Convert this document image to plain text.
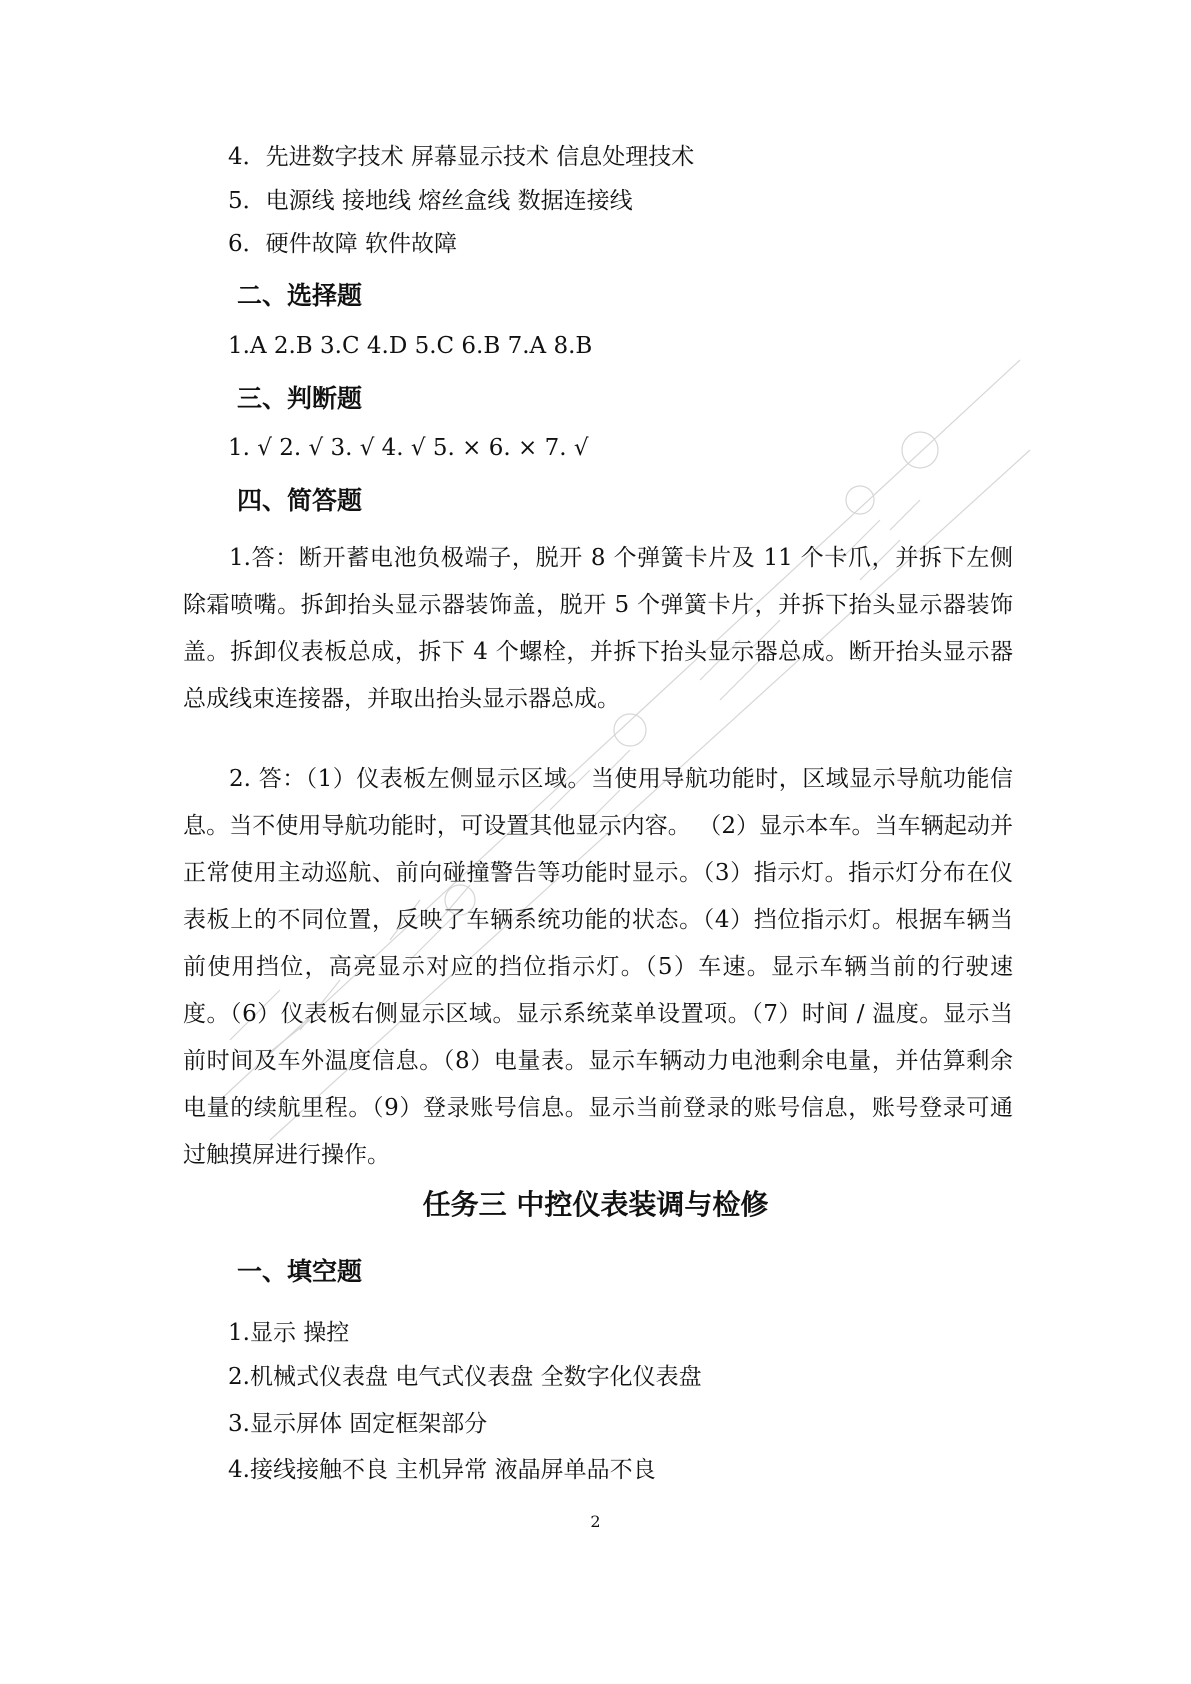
4．先进数字技术 屏幕显示技术 信息处理技术
5．电源线 接地线 熔丝盒线 数据连接线
6．硬件故障 软件故障
二、选择题
1.A 2.B 3.C 4.D 5.C 6.B 7.A 8.B
三、判断题
1. √ 2. √ 3. √ 4. √ 5. × 6. × 7. √
四、简答题
1.答：断开蓄电池负极端子，脱开 8 个弹簧卡片及 11 个卡爪，并拆下左侧除霜喷嘴。拆卸抬头显示器装饰盖，脱开 5 个弹簧卡片，并拆下抬头显示器装饰盖。拆卸仪表板总成，拆下 4 个螺栓，并拆下抬头显示器总成。断开抬头显示器总成线束连接器，并取出抬头显示器总成。
2. 答：（1）仪表板左侧显示区域。当使用导航功能时，区域显示导航功能信息。当不使用导航功能时，可设置其他显示内容。 （2）显示本车。当车辆起动并正常使用主动巡航、前向碰撞警告等功能时显示。（3）指示灯。指示灯分布在仪表板上的不同位置，反映了车辆系统功能的状态。（4）挡位指示灯。根据车辆当前使用挡位，高亮显示对应的挡位指示灯。（5）车速。显示车辆当前的行驶速度。（6）仪表板右侧显示区域。显示系统菜单设置项。（7）时间 / 温度。显示当前时间及车外温度信息。（8）电量表。显示车辆动力电池剩余电量，并估算剩余电量的续航里程。（9）登录账号信息。显示当前登录的账号信息，账号登录可通过触摸屏进行操作。
任务三 中控仪表装调与检修
一、填空题
1.显示 操控
2.机械式仪表盘 电气式仪表盘 全数字化仪表盘
3.显示屏体 固定框架部分
4.接线接触不良 主机异常 液晶屏单品不良
2
